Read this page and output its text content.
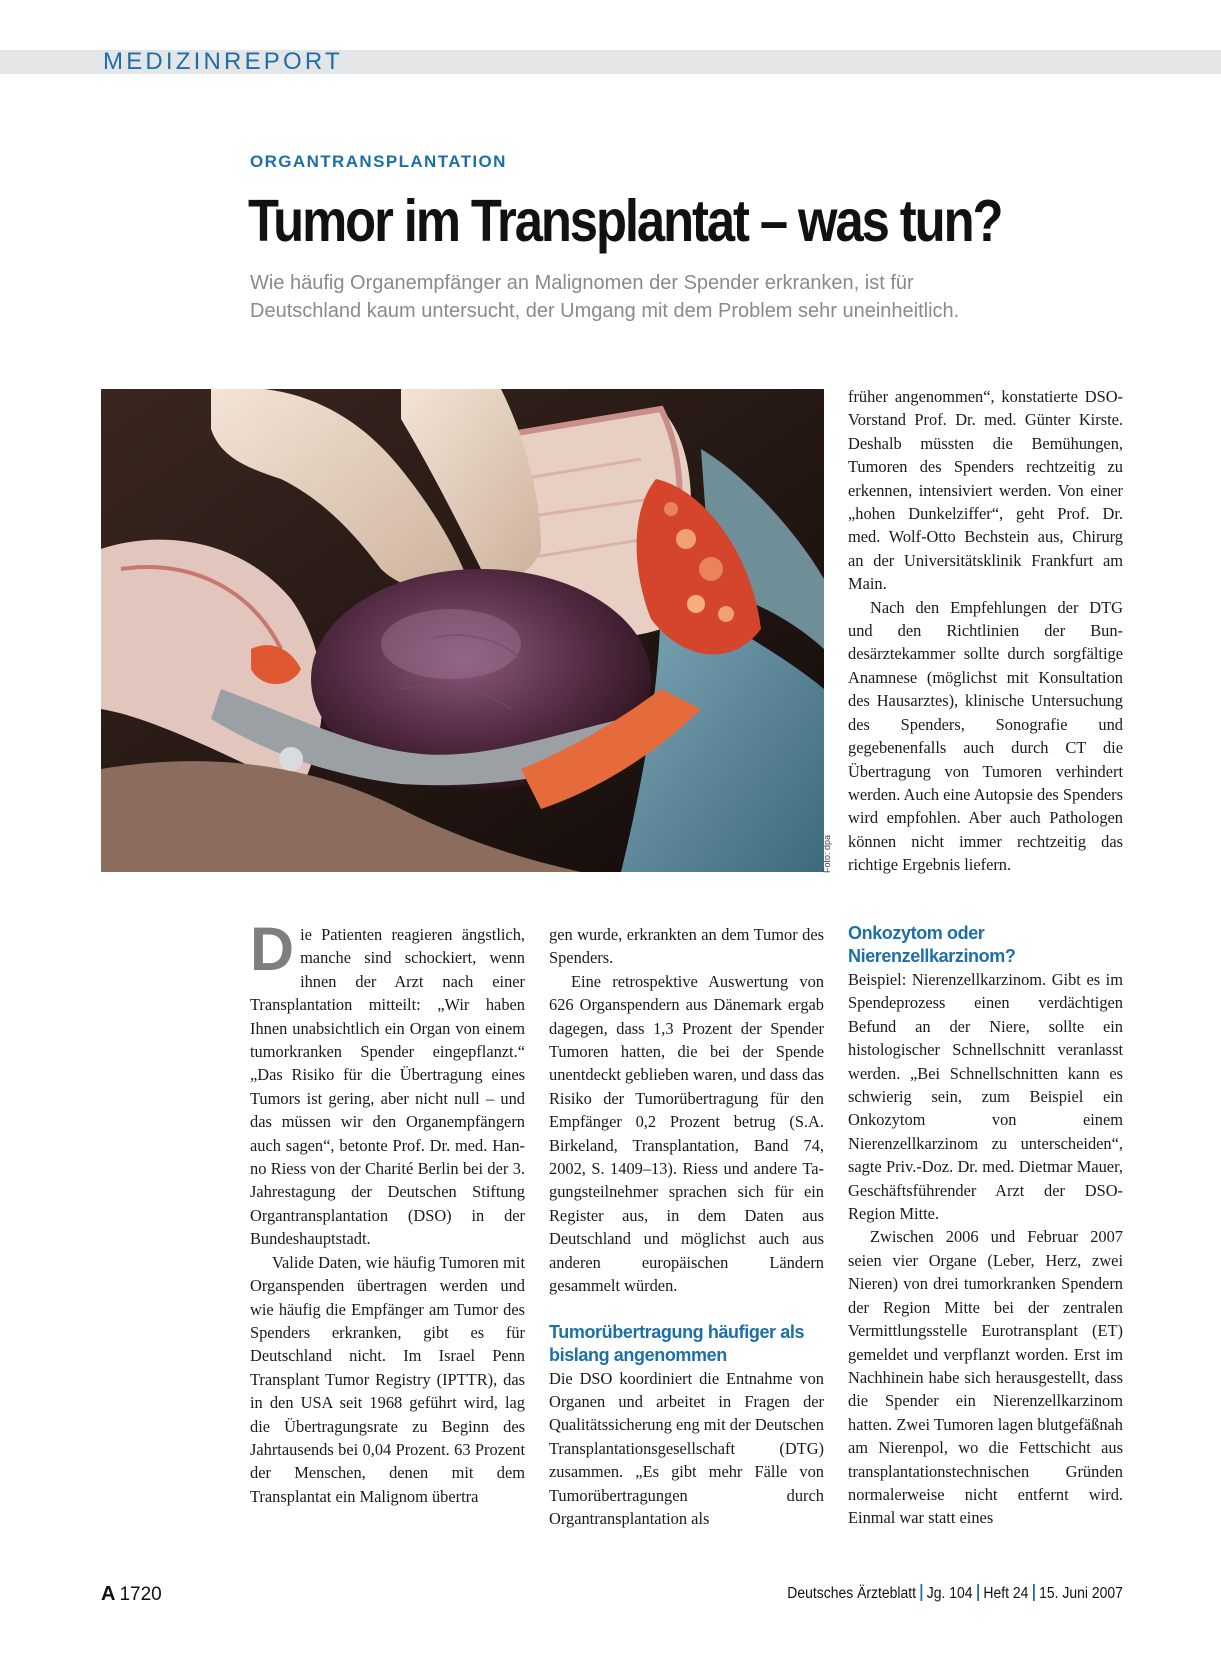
MEDIZINREPORT
ORGANTRANSPLANTATION
Tumor im Transplantat – was tun?
Wie häufig Organempfänger an Malignomen der Spender erkranken, ist für
Deutschland kaum untersucht, der Umgang mit dem Problem sehr uneinheitlich.
Foto: dpa
D ie Patienten reagieren ängstlich, manche sind schockiert, wenn ihnen der Arzt nach einer Transplantation mitteilt: „Wir haben Ihnen unabsichtlich ein Organ von einem tumorkranken Spender eingepflanzt.“ „Das Risiko für die Übertragung eines Tumors ist gering, aber nicht null – und das müssen wir den Organempfängern auch sagen“, betonte Prof. Dr. med. Hanno Riess von der Charité Berlin bei der 3. Jahrestagung der Deutschen Stiftung Organtransplantation (DSO) in der Bundeshauptstadt.

Valide Daten, wie häufig Tumoren mit Organspenden übertragen werden und wie häufig die Empfänger am Tumor des Spenders erkranken, gibt es für Deutschland nicht. Im Israel Penn Transplant Tumor Registry (IPTTR), das in den USA seit 1968 geführt wird, lag die Übertragungsrate zu Beginn des Jahrtausends bei 0,04 Prozent. 63 Prozent der Menschen, denen mit dem Transplantat ein Malignom übertra

gen wurde, erkrankten an dem Tumor des Spenders.

Eine retrospektive Auswertung von 626 Organspendern aus Dänemark ergab dagegen, dass 1,3 Prozent der Spender Tumoren hatten, die bei der Spende unentdeckt geblieben waren, und dass das Risiko der Tumorübertragung für den Empfänger 0,2 Prozent betrug (S.A. Birkeland, Transplantation, Band 74, 2002, S. 1409–13). Riess und andere Tagungsteilnehmer sprachen sich für ein Register aus, in dem Daten aus Deutschland und möglichst auch aus anderen europäischen Ländern gesammelt würden.

Tumorübertragung häufiger als bislang angenommen

Die DSO koordiniert die Entnahme von Organen und arbeitet in Fragen der Qualitätssicherung eng mit der Deutschen Transplantationsgesellschaft (DTG) zusammen. „Es gibt mehr Fälle von Tumorübertragungen durch Organtransplantation als

früher angenommen“, konstatierte DSO-Vorstand Prof. Dr. med. Günter Kirste. Deshalb müssten die Bemühungen, Tumoren des Spenders rechtzeitig zu erkennen, intensiviert werden. Von einer „hohen Dunkelziffer“, geht Prof. Dr. med. Wolf-Otto Bechstein aus, Chirurg an der Universitätsklinik Frankfurt am Main.

Nach den Empfehlungen der DTG und den Richtlinien der Bundesärztekammer sollte durch sorgfältige Anamnese (möglichst mit Konsultation des Hausarztes), klinische Untersuchung des Spenders, Sonografie und gegebenenfalls auch durch CT die Übertragung von Tumoren verhindert werden. Auch eine Autopsie des Spenders wird empfohlen. Aber auch Pathologen können nicht immer rechtzeitig das richtige Ergebnis liefern.

Onkozytom oder Nierenzellkarzinom?

Beispiel: Nierenzellkarzinom. Gibt es im Spendeprozess einen verdächtigen Befund an der Niere, sollte ein histologischer Schnellschnitt veranlasst werden. „Bei Schnellschnitten kann es schwierig sein, zum Beispiel ein Onkozytom von einem Nierenzellkarzinom zu unterscheiden“, sagte Priv.-Doz. Dr. med. Dietmar Mauer, Geschäftsführender Arzt der DSO-Region Mitte.

Zwischen 2006 und Februar 2007 seien vier Organe (Leber, Herz, zwei Nieren) von drei tumorkranken Spendern der Region Mitte bei der zentralen Vermittlungsstelle Eurotransplant (ET) gemeldet und verpflanzt worden. Erst im Nachhinein habe sich herausgestellt, dass die Spender ein Nierenzellkarzinom hatten. Zwei Tumoren lagen blutgefäßnah am Nierenpol, wo die Fettschicht aus transplantationstechnischen Gründen normalerweise nicht entfernt wird. Einmal war statt eines

A 1720	Deutsches Ärzteblatt Jg. 104 Heft 24 15. Juni 2007
